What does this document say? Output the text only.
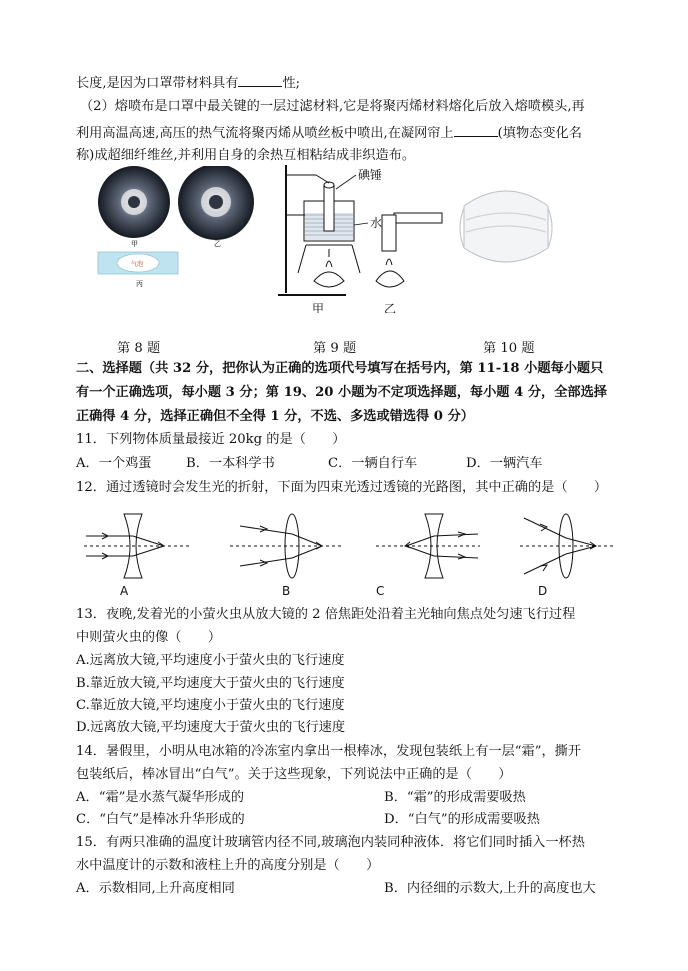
长度,是因为口罩带材料具有	性;
（2）熔喷布是口罩中最关键的一层过滤材料,它是将聚丙烯材料熔化后放入熔喷模头,再
利用高温高速,高压的热气流将聚丙烯从喷丝板中喷出,在凝网帘上	(填物态变化名
称)成超细纤维丝,并利用自身的余热互相粘结成非织造布。
甲	乙
气泡
丙
碘锤
水
甲	乙
第 8 题	第 9 题	第 10 题
二、选择题（共 32 分，把你认为正确的选项代号填写在括号内，第 11-18 小题每小题只
有一个正确选项，每小题 3 分；第 19、20 小题为不定项选择题，每小题 4 分，全部选择
正确得 4 分，选择正确但不全得 1 分，不选、多选或错选得 0 分）
11．下列物体质量最接近 20kg 的是（　　）
A．一个鸡蛋	B．一本科学书	C．一辆自行车	D．一辆汽车
12．通过透镜时会发生光的折射，下面为四束光透过透镜的光路图，其中正确的是（　　）
A	B	C	D
13．夜晚,发着光的小萤火虫从放大镜的 2 倍焦距处沿着主光轴向焦点处匀速飞行过程
中则萤火虫的像（　　）
A.远离放大镜,平均速度小于萤火虫的飞行速度
B.靠近放大镜,平均速度大于萤火虫的飞行速度
C.靠近放大镜,平均速度小于萤火虫的飞行速度
D.远离放大镜,平均速度大于萤火虫的飞行速度
14．暑假里，小明从电冰箱的冷冻室内拿出一根棒冰，发现包装纸上有一层“霜”，撕开
包装纸后，棒冰冒出“白气”。关于这些现象，下列说法中正确的是（　　）
A．“霜”是水蒸气凝华形成的	B．“霜”的形成需要吸热
C．“白气”是棒冰升华形成的	D．“白气”的形成需要吸热
15．有两只准确的温度计玻璃管内径不同,玻璃泡内装同种液体．将它们同时插入一杯热
水中温度计的示数和液柱上升的高度分别是（　　）
A．示数相同,上升高度相同	B．内径细的示数大,上升的高度也大
